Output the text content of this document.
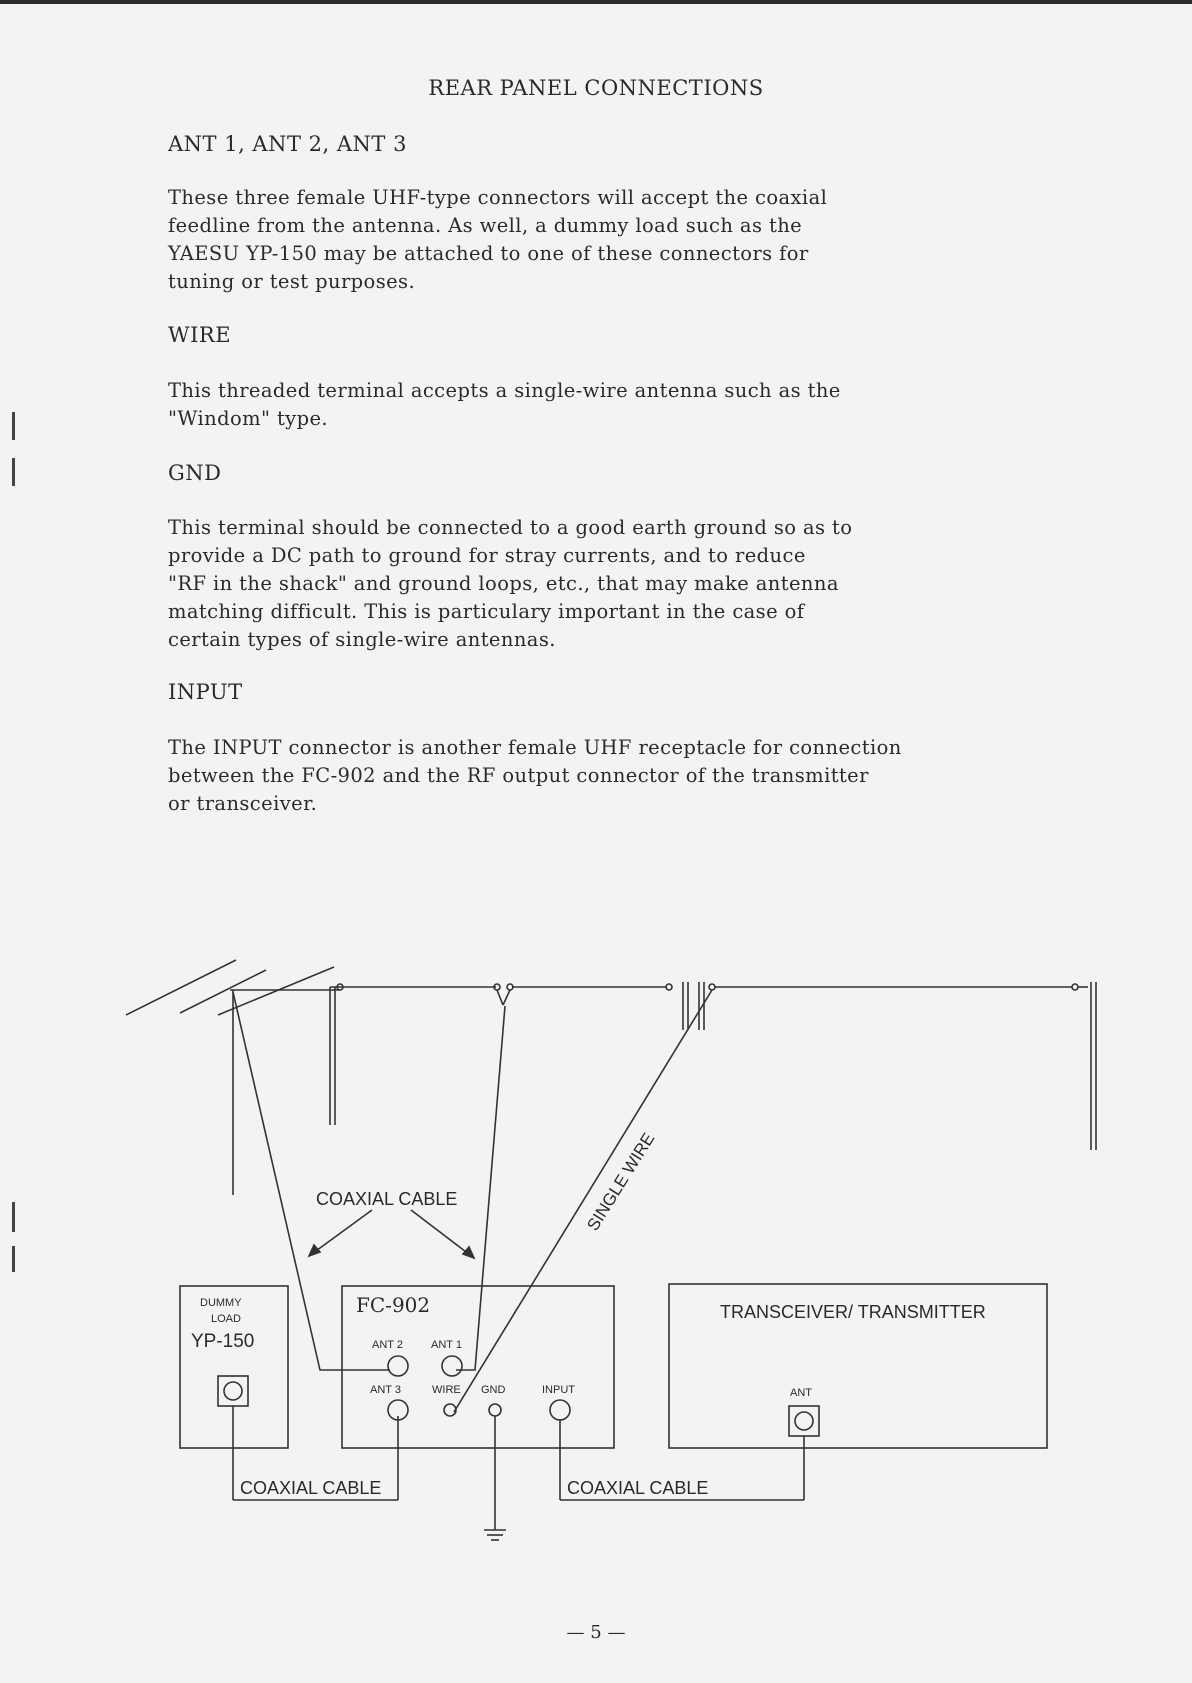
REAR PANEL CONNECTIONS
ANT 1, ANT 2, ANT 3
These three female UHF-type connectors will accept the coaxial
feedline from the antenna. As well, a dummy load such as the
YAESU YP-150 may be attached to one of these connectors for
tuning or test purposes.
WIRE
This threaded terminal accepts a single-wire antenna such as the
"Windom" type.
GND
This terminal should be connected to a good earth ground so as to
provide a DC path to ground for stray currents, and to reduce
"RF in the shack" and ground loops, etc., that may make antenna
matching difficult. This is particulary important in the case of
certain types of single-wire antennas.
INPUT
The INPUT connector is another female UHF receptacle for connection
between the FC-902 and the RF output connector of the transmitter
or transceiver.
COAXIAL CABLE	SINGLE WIRE
DUMMY
LOAD
YP-150
FC-902
ANT 2	ANT 1
ANT 3	WIRE GND	INPUT
TRANSCEIVER/ TRANSMITTER
ANT
COAXIAL CABLE	COAXIAL CABLE
— 5 —
